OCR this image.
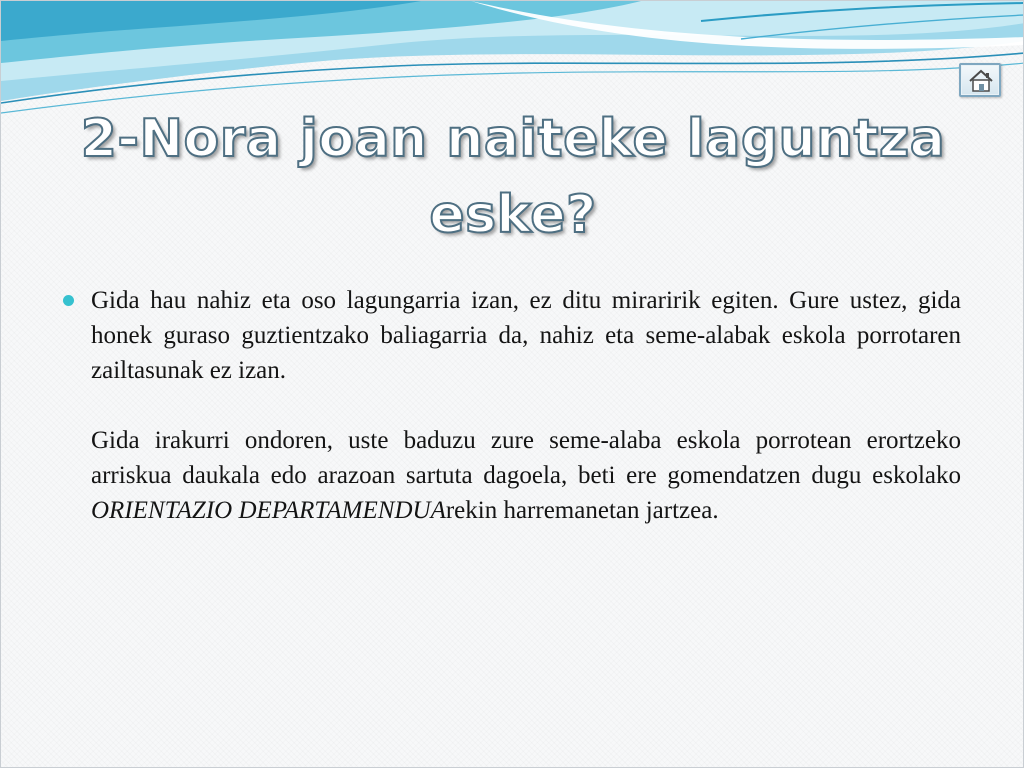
2-Nora joan naiteke laguntza eske?

Gida hau nahiz eta oso lagungarria izan, ez ditu miraririk egiten. Gure ustez, gida honek guraso guztientzako baliagarria da, nahiz eta seme-alabak eskola porrotaren zailtasunak ez izan.

Gida irakurri ondoren, uste baduzu zure seme-alaba eskola porrotean erortzeko arriskua daukala edo arazoan sartuta dagoela, beti ere gomendatzen dugu eskolako ORIENTAZIO DEPARTAMENDUArekin harremanetan jartzea.
